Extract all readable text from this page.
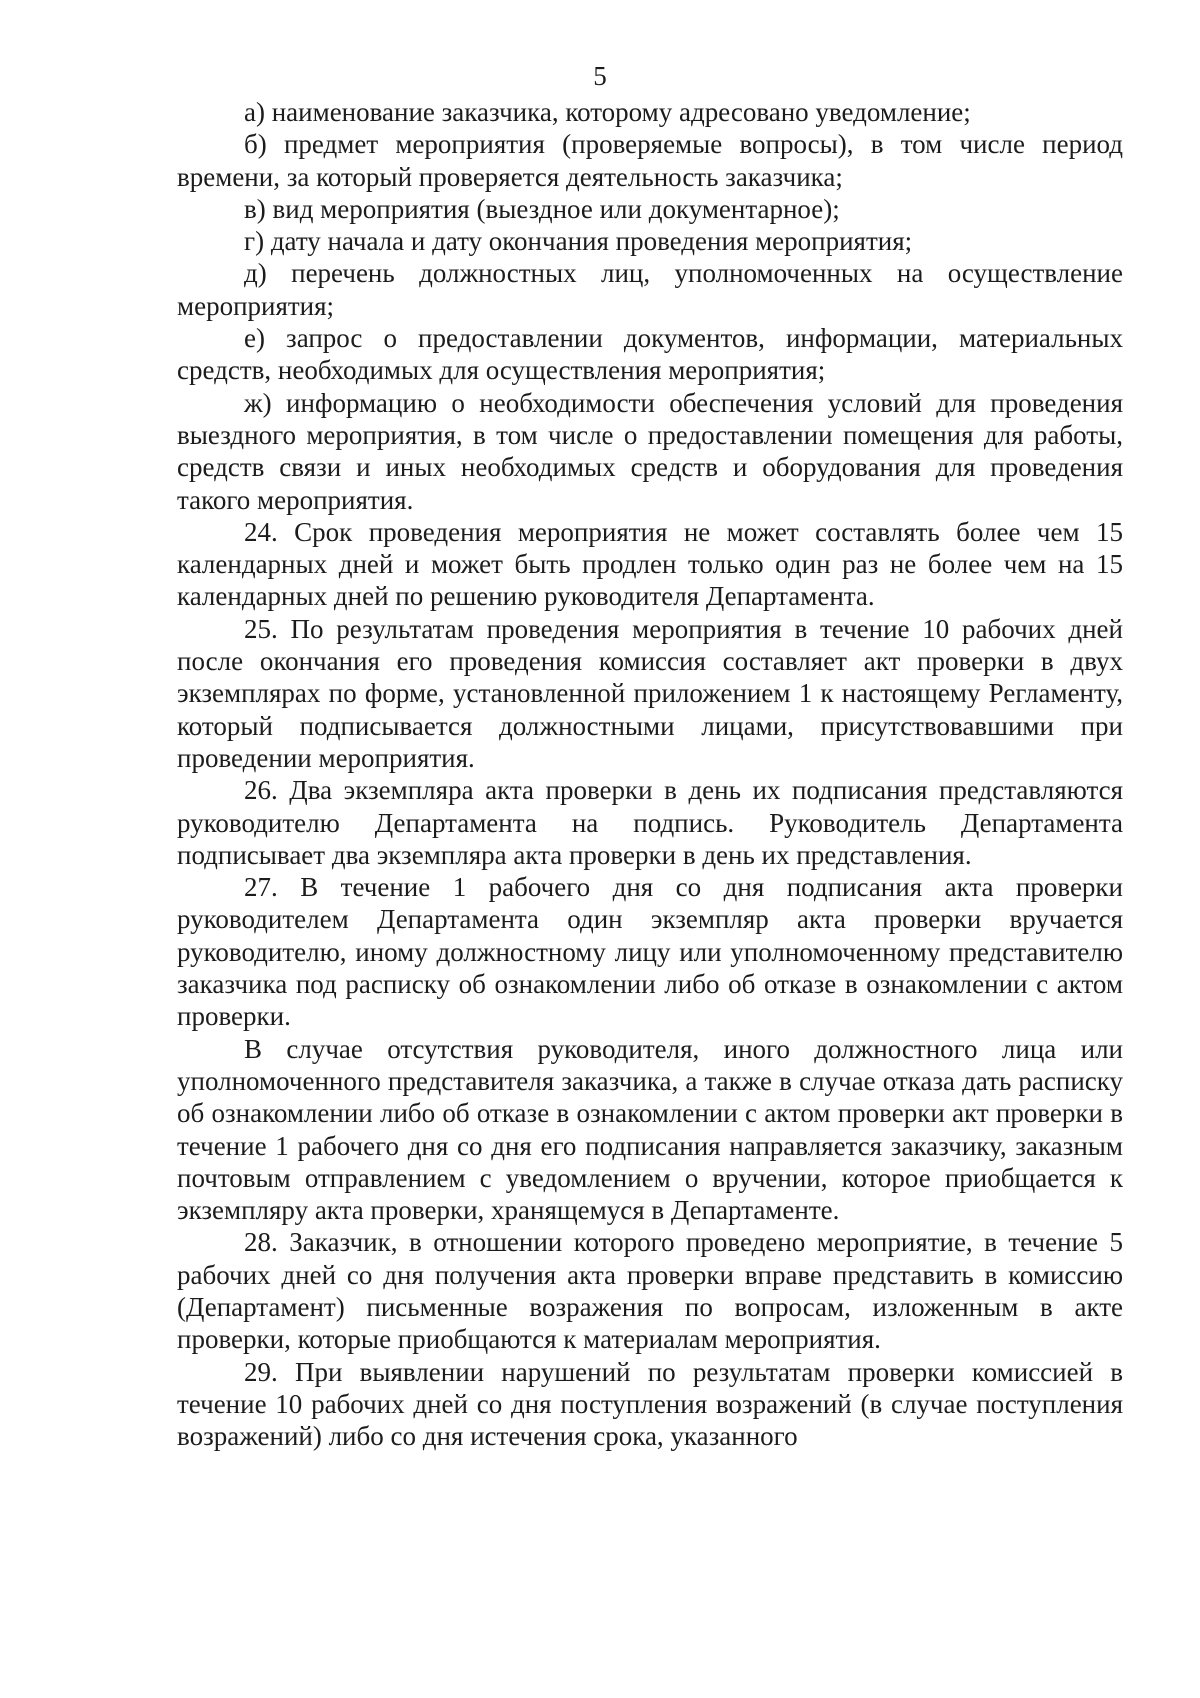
5

а) наименование заказчика, которому адресовано уведомление;

б) предмет мероприятия (проверяемые вопросы), в том числе период времени, за который проверяется деятельность заказчика;

в) вид мероприятия (выездное или документарное);

г) дату начала и дату окончания проведения мероприятия;

д) перечень должностных лиц, уполномоченных на осуществление мероприятия;

е) запрос о предоставлении документов, информации, материальных средств, необходимых для осуществления мероприятия;

ж) информацию о необходимости обеспечения условий для проведения выездного мероприятия, в том числе о предоставлении помещения для работы, средств связи и иных необходимых средств и оборудования для проведения такого мероприятия.

24. Срок проведения мероприятия не может составлять более чем 15 календарных дней и может быть продлен только один раз не более чем на 15 календарных дней по решению руководителя Департамента.

25. По результатам проведения мероприятия в течение 10 рабочих дней после окончания его проведения комиссия составляет акт проверки в двух экземплярах по форме, установленной приложением 1 к настоящему Регламенту, который подписывается должностными лицами, присутствовавшими при проведении мероприятия.

26. Два экземпляра акта проверки в день их подписания представляются руководителю Департамента на подпись. Руководитель Департамента подписывает два экземпляра акта проверки в день их представления.

27. В течение 1 рабочего дня со дня подписания акта проверки руководителем Департамента один экземпляр акта проверки вручается руководителю, иному должностному лицу или уполномоченному представителю заказчика под расписку об ознакомлении либо об отказе в ознакомлении с актом проверки.

В случае отсутствия руководителя, иного должностного лица или уполномоченного представителя заказчика, а также в случае отказа дать расписку об ознакомлении либо об отказе в ознакомлении с актом проверки акт проверки в течение 1 рабочего дня со дня его подписания направляется заказчику, заказным почтовым отправлением с уведомлением о вручении, которое приобщается к экземпляру акта проверки, хранящемуся в Департаменте.

28. Заказчик, в отношении которого проведено мероприятие, в течение 5 рабочих дней со дня получения акта проверки вправе представить в комиссию (Департамент) письменные возражения по вопросам, изложенным в акте проверки, которые приобщаются к материалам мероприятия.

29. При выявлении нарушений по результатам проверки комиссией в течение 10 рабочих дней со дня поступления возражений (в случае поступления возражений) либо со дня истечения срока, указанного
